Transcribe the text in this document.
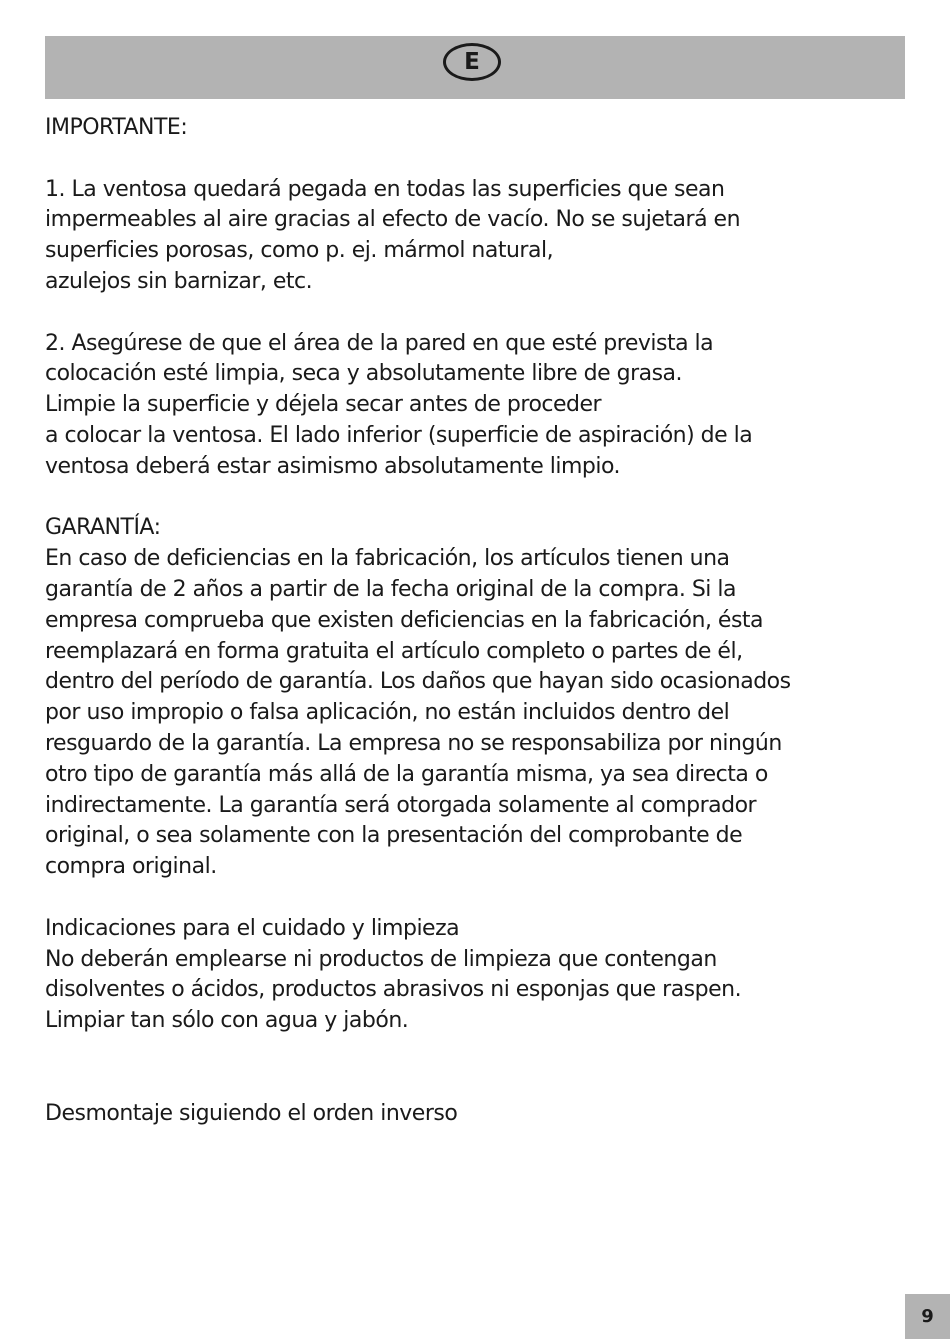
E

IMPORTANTE:

1. La ventosa quedará pegada en todas las superficies que sean
impermeables al aire gracias al efecto de vacío. No se sujetará en
superficies porosas, como p. ej. mármol natural,
azulejos sin barnizar, etc.

2. Asegúrese de que el área de la pared en que esté prevista la
colocación esté limpia, seca y absolutamente libre de grasa.
Limpie la superficie y déjela secar antes de proceder
a colocar la ventosa. El lado inferior (superficie de aspiración) de la
ventosa deberá estar asimismo absolutamente limpio.

GARANTÍA:

En caso de deficiencias en la fabricación, los artículos tienen una
garantía de 2 años a partir de la fecha original de la compra. Si la
empresa comprueba que existen deficiencias en la fabricación, ésta
reemplazará en forma gratuita el artículo completo o partes de él,
dentro del período de garantía. Los daños que hayan sido ocasionados
por uso impropio o falsa aplicación, no están incluidos dentro del
resguardo de la garantía. La empresa no se responsabiliza por ningún
otro tipo de garantía más allá de la garantía misma, ya sea directa o
indirectamente. La garantía será otorgada solamente al comprador
original, o sea solamente con la presentación del comprobante de
compra original.

Indicaciones para el cuidado y limpieza

No deberán emplearse ni productos de limpieza que contengan
disolventes o ácidos, productos abrasivos ni esponjas que raspen.
Limpiar tan sólo con agua y jabón.

Desmontaje siguiendo el orden inverso

9
